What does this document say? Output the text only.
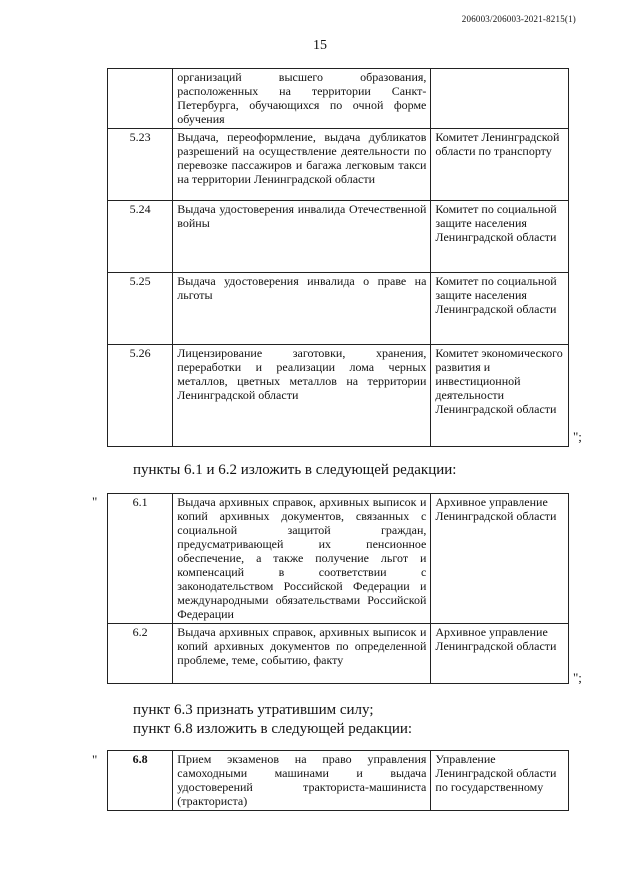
206003/206003-2021-8215(1)
15
	организаций высшего образования, расположенных на территории Санкт-Петербурга, обучающихся по очной форме обучения	
5.23	Выдача, переоформление, выдача дубликатов разрешений на осуществление деятельности по перевозке пассажиров и багажа легковым такси на территории Ленинградской области	Комитет Ленинградской области по транспорту
5.24	Выдача удостоверения инвалида Отечественной войны	Комитет по социальной защите населения Ленинградской области
5.25	Выдача удостоверения инвалида о праве на льготы	Комитет по социальной защите населения Ленинградской области
5.26	Лицензирование заготовки, хранения, переработки и реализации лома черных металлов, цветных металлов на территории Ленинградской области	Комитет экономического развития и инвестиционной деятельности Ленинградской области
";
пункты 6.1 и 6.2 изложить в следующей редакции:
"	6.1	Выдача архивных справок, архивных выписок и копий архивных документов, связанных с социальной защитой граждан, предусматривающей их пенсионное обеспечение, а также получение льгот и компенсаций в соответствии с законодательством Российской Федерации и международными обязательствами Российской Федерации	Архивное управление Ленинградской области
6.2	Выдача архивных справок, архивных выписок и копий архивных документов по определенной проблеме, теме, событию, факту	Архивное управление Ленинградской области
";
пункт 6.3 признать утратившим силу;
пункт 6.8 изложить в следующей редакции:
"	6.8	Прием экзаменов на право управления самоходными машинами и выдача удостоверений тракториста-машиниста (тракториста)	Управление Ленинградской области по государственному
